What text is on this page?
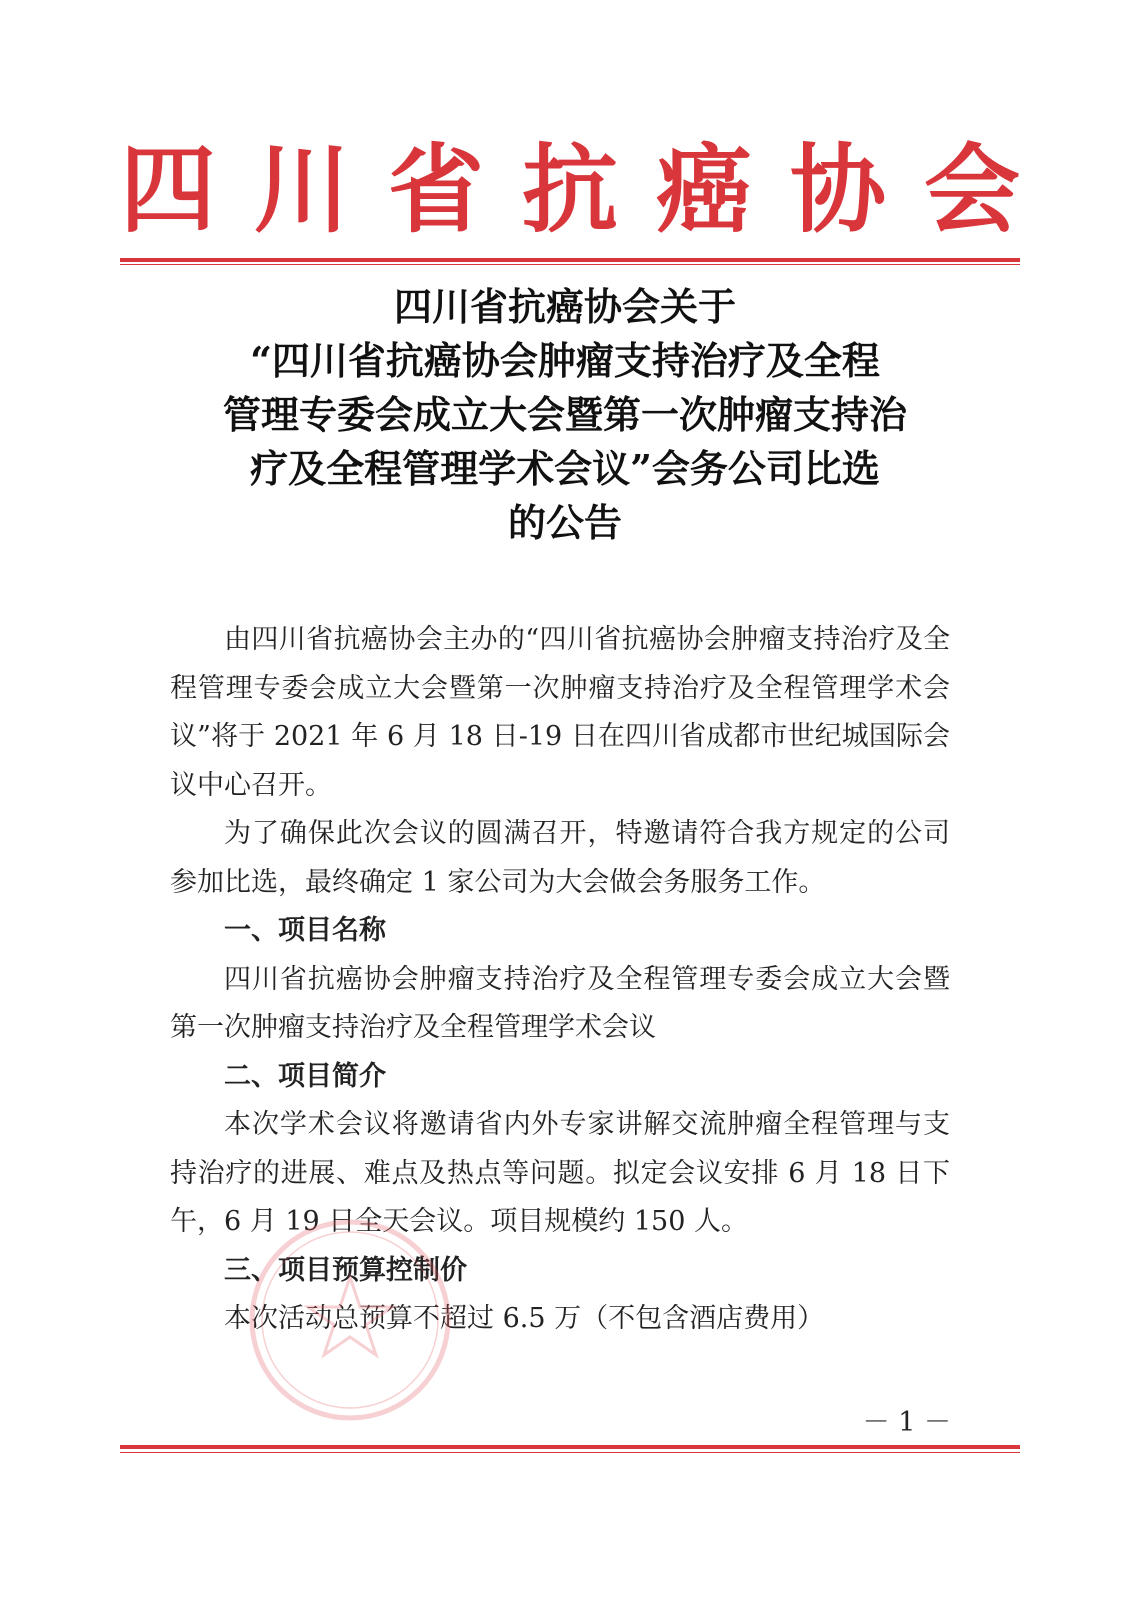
四 川 省 抗 癌 协 会
四川省抗癌协会关于
“四川省抗癌协会肿瘤支持治疗及全程
管理专委会成立大会暨第一次肿瘤支持治
疗及全程管理学术会议”会务公司比选
的公告

由四川省抗癌协会主办的“四川省抗癌协会肿瘤支持治疗及全程管理专委会成立大会暨第一次肿瘤支持治疗及全程管理学术会议”将于 2021 年 6 月 18 日-19 日在四川省成都市世纪城国际会议中心召开。

为了确保此次会议的圆满召开，特邀请符合我方规定的公司参加比选，最终确定 1 家公司为大会做会务服务工作。

一、项目名称

四川省抗癌协会肿瘤支持治疗及全程管理专委会成立大会暨第一次肿瘤支持治疗及全程管理学术会议

二、项目简介

本次学术会议将邀请省内外专家讲解交流肿瘤全程管理与支持治疗的进展、难点及热点等问题。拟定会议安排 6 月 18 日下午，6 月 19 日全天会议。项目规模约 150 人。

三、项目预算控制价

本次活动总预算不超过 6.5 万（不包含酒店费用）

－ 1 －
